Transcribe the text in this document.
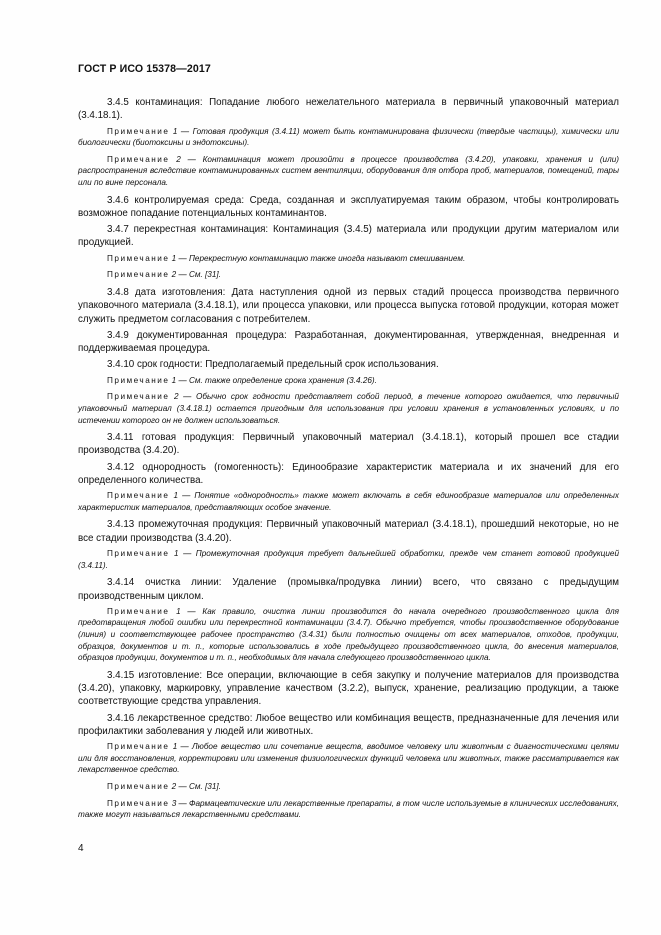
ГОСТ Р ИСО 15378—2017

3.4.5 контаминация: Попадание любого нежелательного материала в первичный упаковочный материал (3.4.18.1).

Примечание 1 — Готовая продукция (3.4.11) может быть контаминирована физически (твердые частицы), химически или биологически (биотоксины и эндотоксины).

Примечание 2 — Контаминация может произойти в процессе производства (3.4.20), упаковки, хранения и (или) распространения вследствие контаминированных систем вентиляции, оборудования для отбора проб, материалов, помещений, тары или по вине персонала.

3.4.6 контролируемая среда: Среда, созданная и эксплуатируемая таким образом, чтобы контролировать возможное попадание потенциальных контаминантов.

3.4.7 перекрестная контаминация: Контаминация (3.4.5) материала или продукции другим материалом или продукцией.

Примечание 1 — Перекрестную контаминацию также иногда называют смешиванием.

Примечание 2 — См. [31].

3.4.8 дата изготовления: Дата наступления одной из первых стадий процесса производства первичного упаковочного материала (3.4.18.1), или процесса упаковки, или процесса выпуска готовой продукции, которая может служить предметом согласования с потребителем.

3.4.9 документированная процедура: Разработанная, документированная, утвержденная, внедренная и поддерживаемая процедура.

3.4.10 срок годности: Предполагаемый предельный срок использования.

Примечание 1 — См. также определение срока хранения (3.4.26).

Примечание 2 — Обычно срок годности представляет собой период, в течение которого ожидается, что первичный упаковочный материал (3.4.18.1) остается пригодным для использования при условии хранения в установленных условиях, и по истечении которого он не должен использоваться.

3.4.11 готовая продукция: Первичный упаковочный материал (3.4.18.1), который прошел все стадии производства (3.4.20).

3.4.12 однородность (гомогенность): Единообразие характеристик материала и их значений для его определенного количества.

Примечание 1 — Понятие «однородность» также может включать в себя единообразие материалов или определенных характеристик материалов, представляющих особое значение.

3.4.13 промежуточная продукция: Первичный упаковочный материал (3.4.18.1), прошедший некоторые, но не все стадии производства (3.4.20).

Примечание 1 — Промежуточная продукция требует дальнейшей обработки, прежде чем станет готовой продукцией (3.4.11).

3.4.14 очистка линии: Удаление (промывка/продувка линии) всего, что связано с предыдущим производственным циклом.

Примечание 1 — Как правило, очистка линии производится до начала очередного производственного цикла для предотвращения любой ошибки или перекрестной контаминации (3.4.7). Обычно требуется, чтобы производственное оборудование (линия) и соответствующее рабочее пространство (3.4.31) были полностью очищены от всех материалов, отходов, продукции, образцов, документов и т. п., которые использовались в ходе предыдущего производственного цикла, до внесения материалов, образцов продукции, документов и т. п., необходимых для начала следующего производственного цикла.

3.4.15 изготовление: Все операции, включающие в себя закупку и получение материалов для производства (3.4.20), упаковку, маркировку, управление качеством (3.2.2), выпуск, хранение, реализацию продукции, а также соответствующие средства управления.

3.4.16 лекарственное средство: Любое вещество или комбинация веществ, предназначенные для лечения или профилактики заболевания у людей или животных.

Примечание 1 — Любое вещество или сочетание веществ, вводимое человеку или животным с диагностическими целями или для восстановления, корректировки или изменения физиологических функций человека или животных, также рассматривается как лекарственное средство.

Примечание 2 — См. [31].

Примечание 3 — Фармацевтические или лекарственные препараты, в том числе используемые в клинических исследованиях, также могут называться лекарственными средствами.

4
